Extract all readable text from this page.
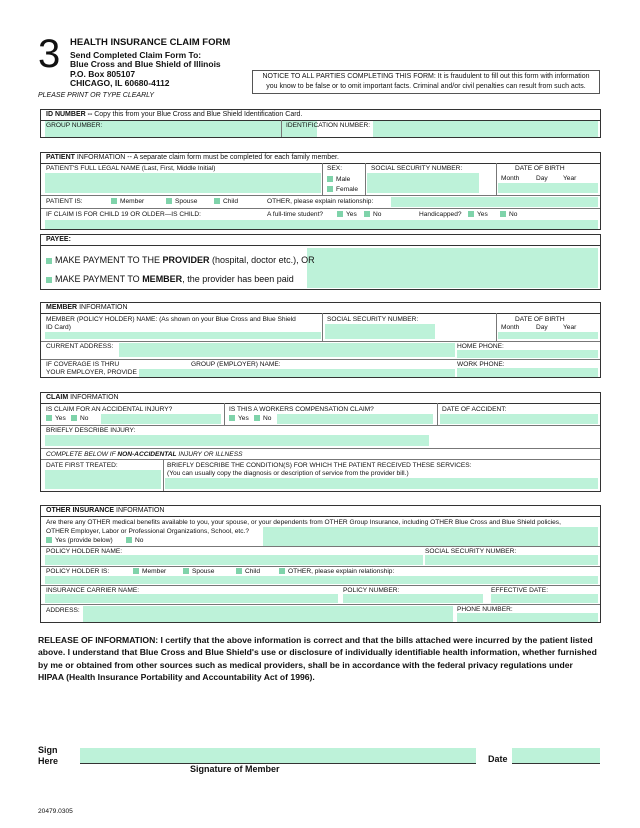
3 HEALTH INSURANCE CLAIM FORM
Send Completed Claim Form To:
Blue Cross and Blue Shield of Illinois
P.O. Box 805107
CHICAGO, IL 60680-4112
NOTICE TO ALL PARTIES COMPLETING THIS FORM: It is fraudulent to fill out this form with information
you know to be false or to omit important facts. Criminal and/or civil penalties can result from such acts.
PLEASE PRINT OR TYPE CLEARLY
ID NUMBER -- Copy this from your Blue Cross and Blue Shield Identification Card.
GROUP NUMBER:	IDENTIFICATION NUMBER:
PATIENT INFORMATION -- A separate claim form must be completed for each family member.
PATIENT'S FULL LEGAL NAME (Last, First, Middle Initial)	SEX:
Male
Female
SOCIAL SECURITY NUMBER:	DATE OF BIRTH
Month	Day Year
PATIENT IS:	Member	Spouse	Child	OTHER, please explain relationship:
IF CLAIM IS FOR CHILD 19 OR OLDER—IS CHILD:	A full-time student?	Yes	No	Handicapped?	Yes	No
PAYEE:
MAKE PAYMENT TO THE PROVIDER (hospital, doctor etc.), OR
MAKE PAYMENT TO MEMBER, the provider has been paid
MEMBER INFORMATION
MEMBER (POLICY HOLDER) NAME: (As shown on your Blue Cross and Blue Shield
ID Card)
SOCIAL SECURITY NUMBER:	DATE OF BIRTH
Month	Day Year
CURRENT ADDRESS:	HOME PHONE:
IF COVERAGE IS THRU
YOUR EMPLOYER, PROVIDE
GROUP (EMPLOYER) NAME:	WORK PHONE:
CLAIM INFORMATION
IS CLAIM FOR AN ACCIDENTAL INJURY?
Yes	No
IS THIS A WORKERS COMPENSATION CLAIM?
Yes	No
DATE OF ACCIDENT:
BRIEFLY DESCRIBE INJURY:
COMPLETE BELOW IF NON-ACCIDENTAL INJURY OR ILLNESS
DATE FIRST TREATED:	BRIEFLY DESCRIBE THE CONDITION(S) FOR WHICH THE PATIENT RECEIVED THESE SERVICES:
(You can usually copy the diagnosis or description of service from the provider bill.)
OTHER INSURANCE INFORMATION
Are there any OTHER medical benefits available to you, your spouse, or your dependents from OTHER Group Insurance, including OTHER Blue Cross and Blue Shield policies,
OTHER Employer, Labor or Professional Organizations, School, etc.?
Yes (provide below)	No
POLICY HOLDER NAME:	SOCIAL SECURITY NUMBER:
POLICY HOLDER IS:	Member	Spouse	Child	OTHER, please explain relationship:
INSURANCE CARRIER NAME:	POLICY NUMBER:	EFFECTIVE DATE:
ADDRESS:	PHONE NUMBER:
RELEASE OF INFORMATION: I certify that the above information is correct and that the bills attached were incurred by the patient listed above. I understand that Blue Cross and Blue Shield's use or disclosure of individually identifiable health information, whether furnished by me or obtained from other sources such as medical providers, shall be in accordance with the federal privacy regulations under HIPAA (Health Insurance Portability and Accountability Act of 1996).
Sign
Here
Signature of Member
Date
20479.0305
